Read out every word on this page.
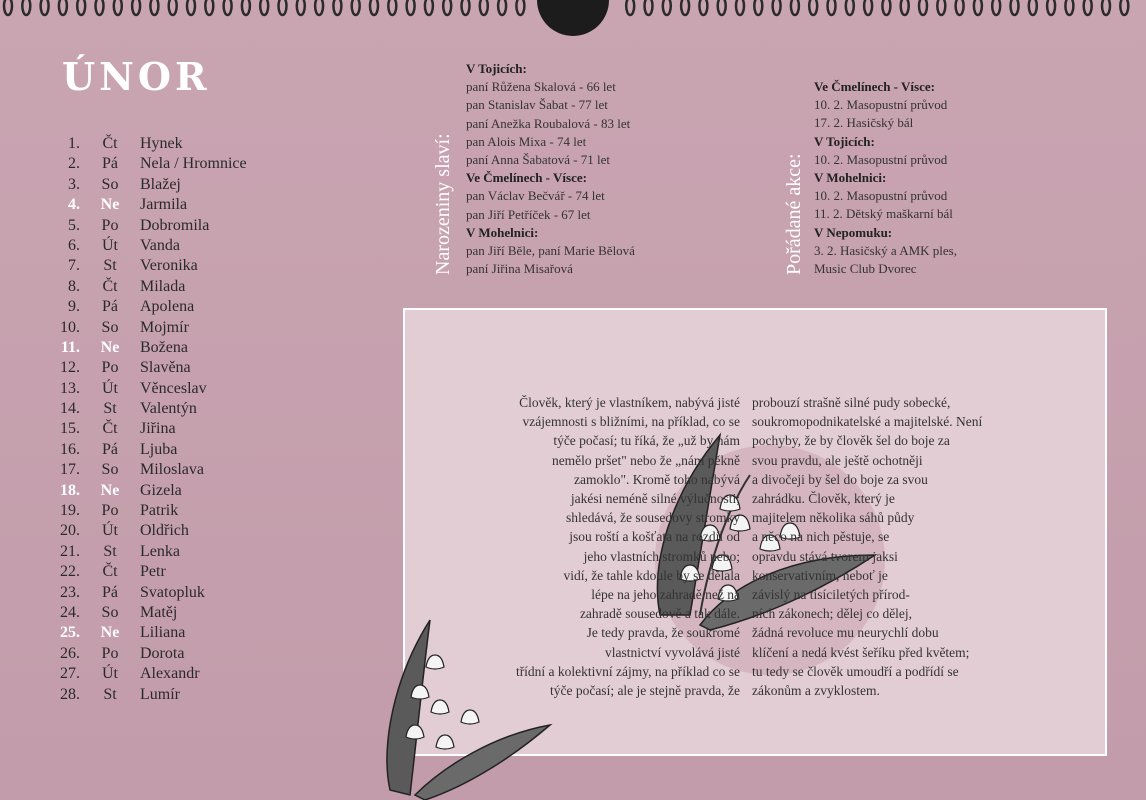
ÚNOR
1.	Čt	Hynek
2.	Pá	Nela / Hromnice
3.	So	Blažej
4.	Ne	Jarmila
5.	Po	Dobromila
6.	Út	Vanda
7.	St	Veronika
8.	Čt	Milada
9.	Pá	Apolena
10.	So	Mojmír
11.	Ne	Božena
12.	Po	Slavěna
13.	Út	Věnceslav
14.	St	Valentýn
15.	Čt	Jiřina
16.	Pá	Ljuba
17.	So	Miloslava
18.	Ne	Gizela
19.	Po	Patrik
20.	Út	Oldřich
21.	St	Lenka
22.	Čt	Petr
23.	Pá	Svatopluk
24.	So	Matěj
25.	Ne	Liliana
26.	Po	Dorota
27.	Út	Alexandr
28.	St	Lumír
Narozeniny slaví:
V Tojicích:
paní Růžena Skalová - 66 let
pan Stanislav Šabat - 77 let
paní Anežka Roubalová - 83 let
pan Alois Mixa - 74 let
paní Anna Šabatová - 71 let
Ve Čmelínech - Vísce:
pan Václav Bečvář - 74 let
pan Jiří Petříček - 67 let
V Mohelnici:
pan Jiří Běle, paní Marie Bělová
paní Jiřina Misařová	Pořádané akce:
Ve Čmelínech - Vísce:
10. 2. Masopustní průvod
17. 2. Hasičský bál
V Tojicích:
10. 2. Masopustní průvod
V Mohelnici:
10. 2. Masopustní průvod
11. 2. Dětský maškarní bál
V Nepomuku:
3. 2. Hasičský a AMK ples,
Music Club Dvorec
Člověk, který je vlastníkem, nabývá jisté
vzájemnosti s bližními, na příklad, co se
týče počasí; tu říká, že „už by nám
nemělo pršet" nebo že „nám pěkně
zamoklo". Kromě toho nabývá
jakési neméně silné výlučnosti;
shledává, že sousedovy stromky
jsou roští a košťata na rozdíl od
jeho vlastních stromků nebo;
vidí, že tahle kdoule by se dělala
lépe na jeho zahradě než na
zahradě sousedově a tak dále.
Je tedy pravda, že soukromé
vlastnictví vyvolává jisté
třídní a kolektivní zájmy, na příklad co se
týče počasí; ale je stejně pravda, že
probouzí strašně silné pudy sobecké,
soukromopodnikatelské a majitelské. Není
pochyby, že by člověk šel do boje za
svou pravdu, ale ještě ochotněji
a divočeji by šel do boje za svou
zahrádku. Člověk, který je
majitelem několika sáhů půdy
a něco na nich pěstuje, se
opravdu stává tvorem jaksi
konservativním, neboť je
závislý na tisíciletých přírod-
ních zákonech; dělej co dělej,
žádná revoluce mu neurychlí dobu
klíčení a nedá kvést šeříku před květem;
tu tedy se člověk umoudří a podřídí se
zákonům a zvyklostem.
